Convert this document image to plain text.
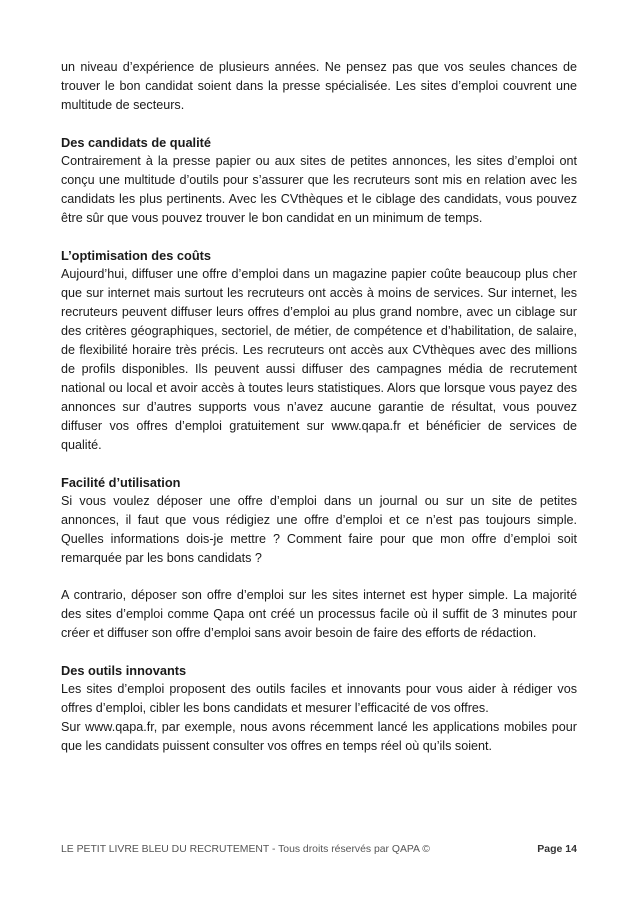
un niveau d’expérience de plusieurs années. Ne pensez pas que vos seules chances de trouver le bon candidat soient dans la presse spécialisée. Les sites d’emploi couvrent une multitude de secteurs.

Des candidats de qualité

Contrairement à la presse papier ou aux sites de petites annonces, les sites d’emploi ont conçu une multitude d’outils pour s’assurer que les recruteurs sont mis en relation avec les candidats les plus pertinents. Avec les CVthèques et le ciblage des candidats, vous pouvez être sûr que vous pouvez trouver le bon candidat en un minimum de temps.

L’optimisation des coûts

Aujourd’hui, diffuser une offre d’emploi dans un magazine papier coûte beaucoup plus cher que sur internet mais surtout les recruteurs ont accès à moins de services. Sur internet, les recruteurs peuvent diffuser leurs offres d’emploi au plus grand nombre, avec un ciblage sur des critères géographiques, sectoriel, de métier, de compétence et d’habilitation, de salaire, de flexibilité horaire très précis. Les recruteurs ont accès aux CVthèques avec des millions de profils disponibles. Ils peuvent aussi diffuser des campagnes média de recrutement national ou local et avoir accès à toutes leurs statistiques. Alors que lorsque vous payez des annonces sur d’autres supports vous n’avez aucune garantie de résultat, vous pouvez diffuser vos offres d’emploi gratuitement sur www.qapa.fr et bénéficier de services de qualité.

Facilité d’utilisation

Si vous voulez déposer une offre d’emploi dans un journal ou sur un site de petites annonces, il faut que vous rédigiez une offre d’emploi et ce n’est pas toujours simple. Quelles informations dois-je mettre ? Comment faire pour que mon offre d’emploi soit remarquée par les bons candidats ?

A contrario, déposer son offre d’emploi sur les sites internet est hyper simple. La majorité des sites d’emploi comme Qapa ont créé un processus facile où il suffit de 3 minutes pour créer et diffuser son offre d’emploi sans avoir besoin de faire des efforts de rédaction.

Des outils innovants

Les sites d’emploi proposent des outils faciles et innovants pour vous aider à rédiger vos offres d’emploi, cibler les bons candidats et mesurer l’efficacité de vos offres.

Sur www.qapa.fr, par exemple, nous avons récemment lancé les applications mobiles pour que les candidats puissent consulter vos offres en temps réel où qu’ils soient.

LE PETIT LIVRE BLEU DU RECRUTEMENT - Tous droits réservés par QAPA ©	Page 14
